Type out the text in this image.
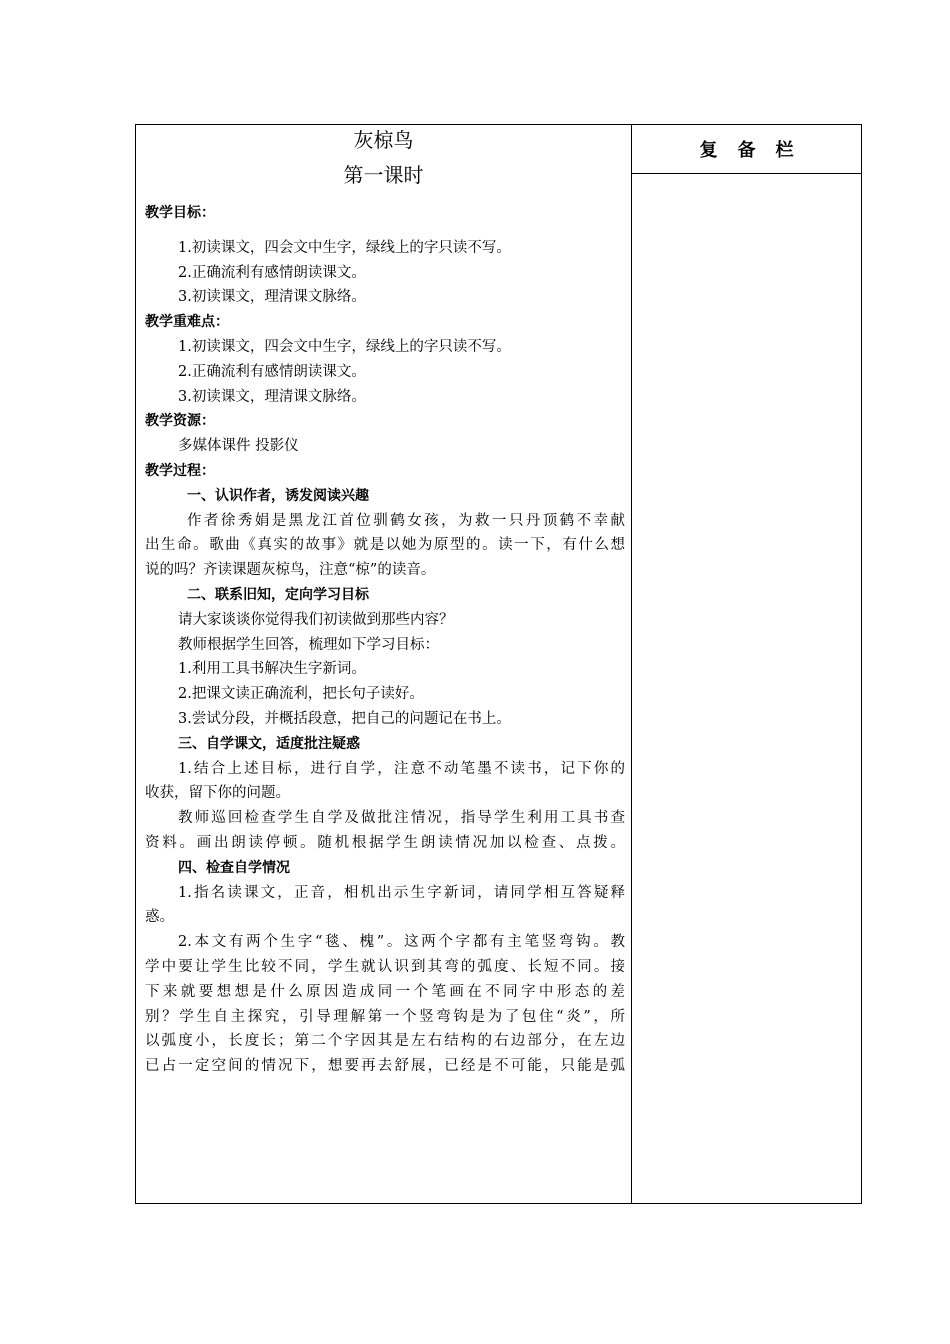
灰椋鸟
第一课时
教学目标：
1.初读课文，四会文中生字，绿线上的字只读不写。
2.正确流利有感情朗读课文。
3.初读课文，理清课文脉络。
教学重难点：
1.初读课文，四会文中生字，绿线上的字只读不写。
2.正确流利有感情朗读课文。
3.初读课文，理清课文脉络。
教学资源：
多媒体课件 投影仪
教学过程：
一、认识作者，诱发阅读兴趣
作者徐秀娟是黑龙江首位驯鹤女孩，为救一只丹顶鹤不幸献
出生命。歌曲《真实的故事》就是以她为原型的。读一下，有什么想
说的吗？齐读课题灰椋鸟，注意“椋”的读音。
二、联系旧知，定向学习目标
请大家谈谈你觉得我们初读做到那些内容？
教师根据学生回答，梳理如下学习目标：
1.利用工具书解决生字新词。
2.把课文读正确流利，把长句子读好。
3.尝试分段，并概括段意，把自己的问题记在书上。
三、自学课文，适度批注疑惑
1.结合上述目标，进行自学，注意不动笔墨不读书，记下你的
收获，留下你的问题。
教师巡回检查学生自学及做批注情况，指导学生利用工具书查
资料。画出朗读停顿。随机根据学生朗读情况加以检查、点拨。
四、检查自学情况
1.指名读课文，正音，相机出示生字新词，请同学相互答疑释
惑。
2.本文有两个生字“毯、槐”。这两个字都有主笔竖弯钩。教
学中要让学生比较不同，学生就认识到其弯的弧度、长短不同。接
下来就要想想是什么原因造成同一个笔画在不同字中形态的差
别？学生自主探究，引导理解第一个竖弯钩是为了包住“炎”，所
以弧度小，长度长；第二个字因其是左右结构的右边部分，在左边
已占一定空间的情况下，想要再去舒展，已经是不可能，只能是弧
复备栏
